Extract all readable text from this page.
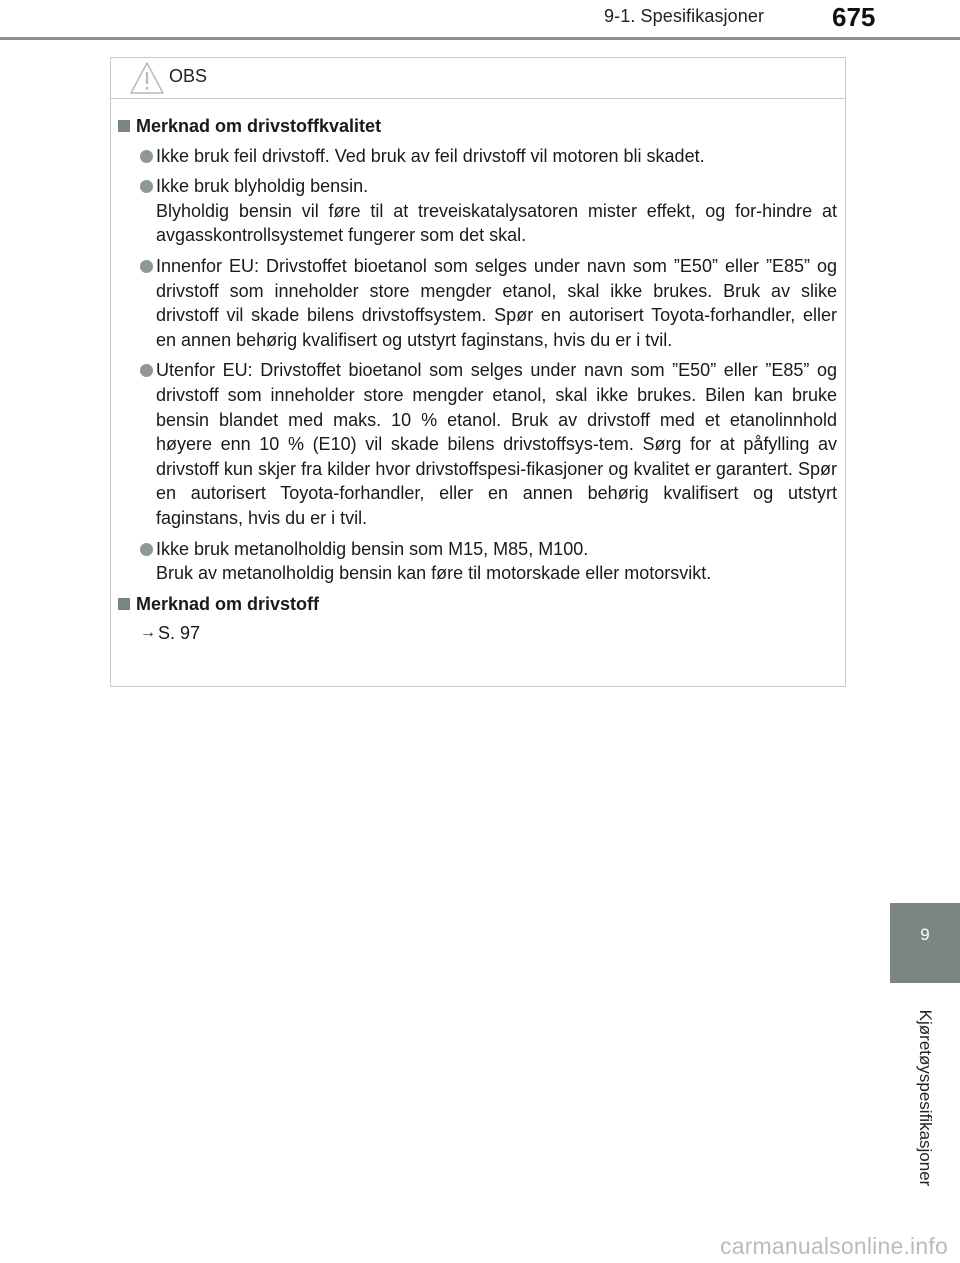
9-1. Spesifikasjoner	675
OBS
Merknad om drivstoffkvalitet

Ikke bruk feil drivstoff. Ved bruk av feil drivstoff vil motoren bli skadet.

Ikke bruk blyholdig bensin.

Blyholdig bensin vil føre til at treveiskatalysatoren mister effekt, og for-hindre at avgasskontrollsystemet fungerer som det skal.

Innenfor EU: Drivstoffet bioetanol som selges under navn som ”E50” eller ”E85” og drivstoff som inneholder store mengder etanol, skal ikke brukes. Bruk av slike drivstoff vil skade bilens drivstoffsystem. Spør en autorisert Toyota-forhandler, eller en annen behørig kvalifisert og utstyrt faginstans, hvis du er i tvil.

Utenfor EU: Drivstoffet bioetanol som selges under navn som ”E50” eller ”E85” og drivstoff som inneholder store mengder etanol, skal ikke brukes. Bilen kan bruke bensin blandet med maks. 10 % etanol. Bruk av drivstoff med et etanolinnhold høyere enn 10 % (E10) vil skade bilens drivstoffsys-tem. Sørg for at påfylling av drivstoff kun skjer fra kilder hvor drivstoffspesi-fikasjoner og kvalitet er garantert. Spør en autorisert Toyota-forhandler, eller en annen behørig kvalifisert og utstyrt faginstans, hvis du er i tvil.

Ikke bruk metanolholdig bensin som M15, M85, M100.

Bruk av metanolholdig bensin kan føre til motorskade eller motorsvikt.

Merknad om drivstoff
→ S. 97
9
Kjøretøyspesifikasjoner
carmanualsonline.info
